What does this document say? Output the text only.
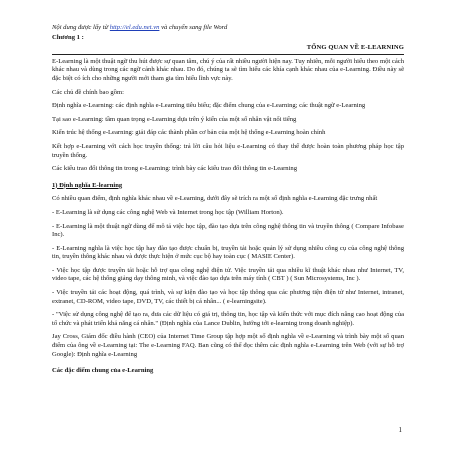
Nội dung được lấy từ http://el.edu.net.vn và chuyển sang file Word
Chương 1 :
TỔNG QUAN VỀ E-LEARNING

E-Learning là một thuật ngữ thu hút được sự quan tâm, chú ý của rất nhiều người hiện nay. Tuy nhiên, mỗi người hiểu theo một cách khác nhau và dùng trong các ngữ cảnh khác nhau. Do đó, chúng ta sẽ tìm hiểu các khía cạnh khác nhau của e-Learning. Điều này sẽ đặc biệt có ích cho những người mới tham gia tìm hiểu lĩnh vực này.

Các chủ đề chính bao gồm:

Định nghĩa e-Learning: các định nghĩa e-Learning tiêu biểu; đặc điểm chung của e-Learning; các thuật ngữ e-Learning

Tại sao e-Learning: tầm quan trọng e-Learning dựa trên ý kiến của một số nhân vật nổi tiếng

Kiến trúc hệ thống e-Learning: giải đáp các thành phần cơ bản của một hệ thống e-Learning hoàn chỉnh

Kết hợp e-Learning với cách học truyền thống: trả lời câu hỏi liệu e-Learning có thay thế được hoàn toàn phương pháp học tập truyền thống.

Các kiểu trao đổi thông tin trong e-Learning: trình bày các kiểu trao đổi thông tin e-Learning

1) Định nghĩa E-learning

Có nhiều quan điểm, định nghĩa khác nhau về e-Learning, dưới đây sẽ trích ra một số định nghĩa e-Learning đặc trưng nhất

- E-Learning là sử dụng các công nghệ Web và Internet trong học tập (William Horton).

- E-Learning là một thuật ngữ dùng để mô tả việc học tập, đào tạo dựa trên công nghệ thông tin và truyền thông ( Compare Infobase Inc).

- E-Learning nghĩa là việc học tập hay đào tạo được chuẩn bị, truyền tải hoặc quản lý sử dụng nhiều công cụ của công nghệ thông tin, truyền thông khác nhau và được thực hiện ở mức cục bộ hay toàn cục ( MASIE Center).

- Việc học tập được truyền tải hoặc hỗ trợ qua công nghệ điện tử. Việc truyền tải qua nhiều kĩ thuật khác nhau như Internet, TV, video tape, các hệ thống giảng dạy thông minh, và việc đào tạo dựa trên máy tính ( CBT ) ( Sun Microsystems, Inc ).

- Việc truyền tải các hoạt động, quá trình, và sự kiện đào tạo và học tập thông qua các phương tiện điện tử như Internet, intranet, extranet, CD-ROM, video tape, DVD, TV, các thiết bị cá nhân... ( e-learningsite).

- "Việc sử dụng công nghệ để tạo ra, đưa các dữ liệu có giá trị, thông tin, học tập và kiến thức với mục đích nâng cao hoạt động của tổ chức và phát triển khả năng cá nhân." (Định nghĩa của Lance Dublin, hướng tới e-learning trong doanh nghiệp).

Jay Cross, Giám đốc điều hành (CEO) của Internet Time Group tập hợp một số định nghĩa về e-Learning và trình bày một số quan điểm của ông về e-Learning tại: The e-Learning FAQ. Ban cũng có thể đọc thêm các định nghĩa e-Learning trên Web (với sự hỗ trợ Google): Định nghĩa e-Learning

Các đặc điểm chung của e-Learning
1
